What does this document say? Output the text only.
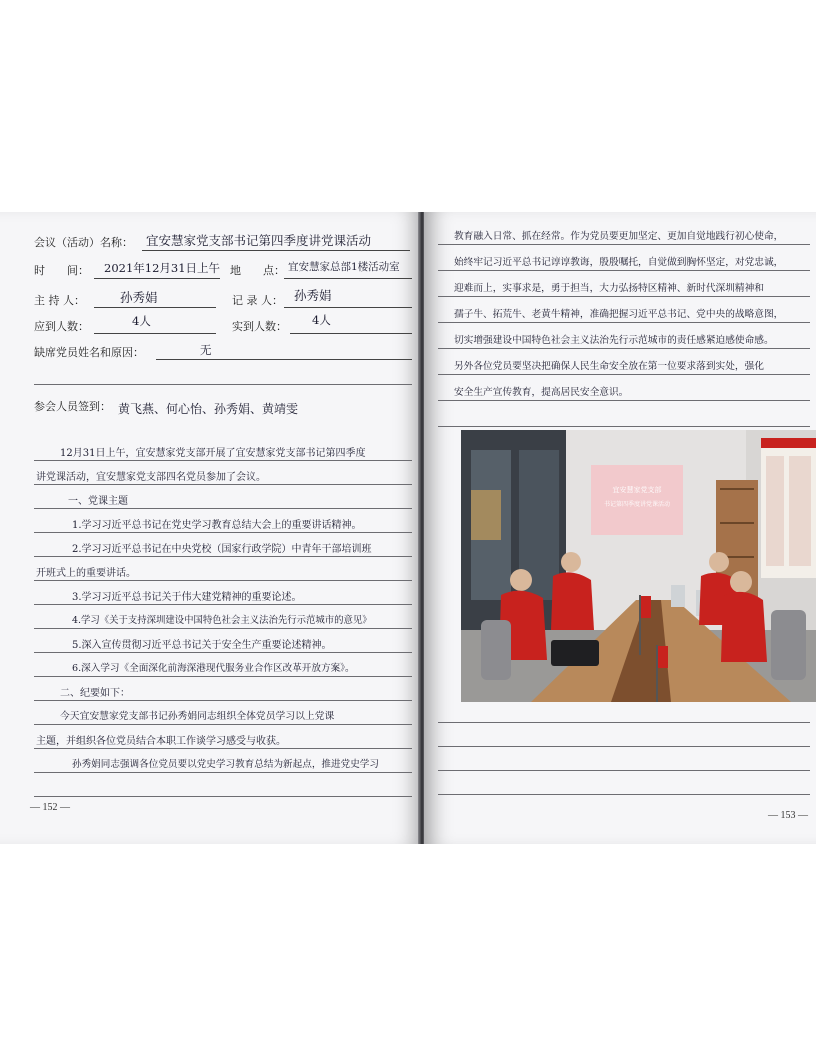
会议（活动）名称： 宜安慧家党支部书记第四季度讲党课活动
时　　间： 2021年12月31日上午 地　　点： 宜安慧家总部1楼活动室
主 持 人：	孙秀娟	记 录 人： 孙秀娟
应到人数：	4人	实到人数： 4人
缺席党员姓名和原因：	无
参会人员签到： 黄飞燕、何心怡、孙秀娟、黄靖雯
12月31日上午，宜安慧家党支部开展了宜安慧家党支部书记第四季度
讲党课活动，宜安慧家党支部四名党员参加了会议。
一、党课主题
1.学习习近平总书记在党史学习教育总结大会上的重要讲话精神。
2.学习习近平总书记在中央党校（国家行政学院）中青年干部培训班
开班式上的重要讲话。
3.学习习近平总书记关于伟大建党精神的重要论述。
4.学习《关于支持深圳建设中国特色社会主义法治先行示范城市的意见》
5.深入宣传贯彻习近平总书记关于安全生产重要论述精神。
6.深入学习《全面深化前海深港现代服务业合作区改革开放方案》。
二、纪要如下：
今天宜安慧家党支部书记孙秀娟同志组织全体党员学习以上党课
主题，并组织各位党员结合本职工作谈学习感受与收获。
孙秀娟同志强调各位党员要以党史学习教育总结为新起点，推进党史学习
— 152 —
教育融入日常、抓在经常。作为党员要更加坚定、更加自觉地践行初心使命，
始终牢记习近平总书记谆谆教诲，殷殷嘱托，自觉做到胸怀坚定，对党忠诚，
迎难而上，实事求是，勇于担当，大力弘扬特区精神、新时代深圳精神和
孺子牛、拓荒牛、老黄牛精神，准确把握习近平总书记、党中央的战略意图，
切实增强建设中国特色社会主义法治先行示范城市的责任感紧迫感使命感。
另外各位党员要坚决把确保人民生命安全放在第一位要求落到实处，强化
安全生产宣传教育，提高居民安全意识。
— 153 —
宜安慧家党支部
书记第四季度讲党课活动
